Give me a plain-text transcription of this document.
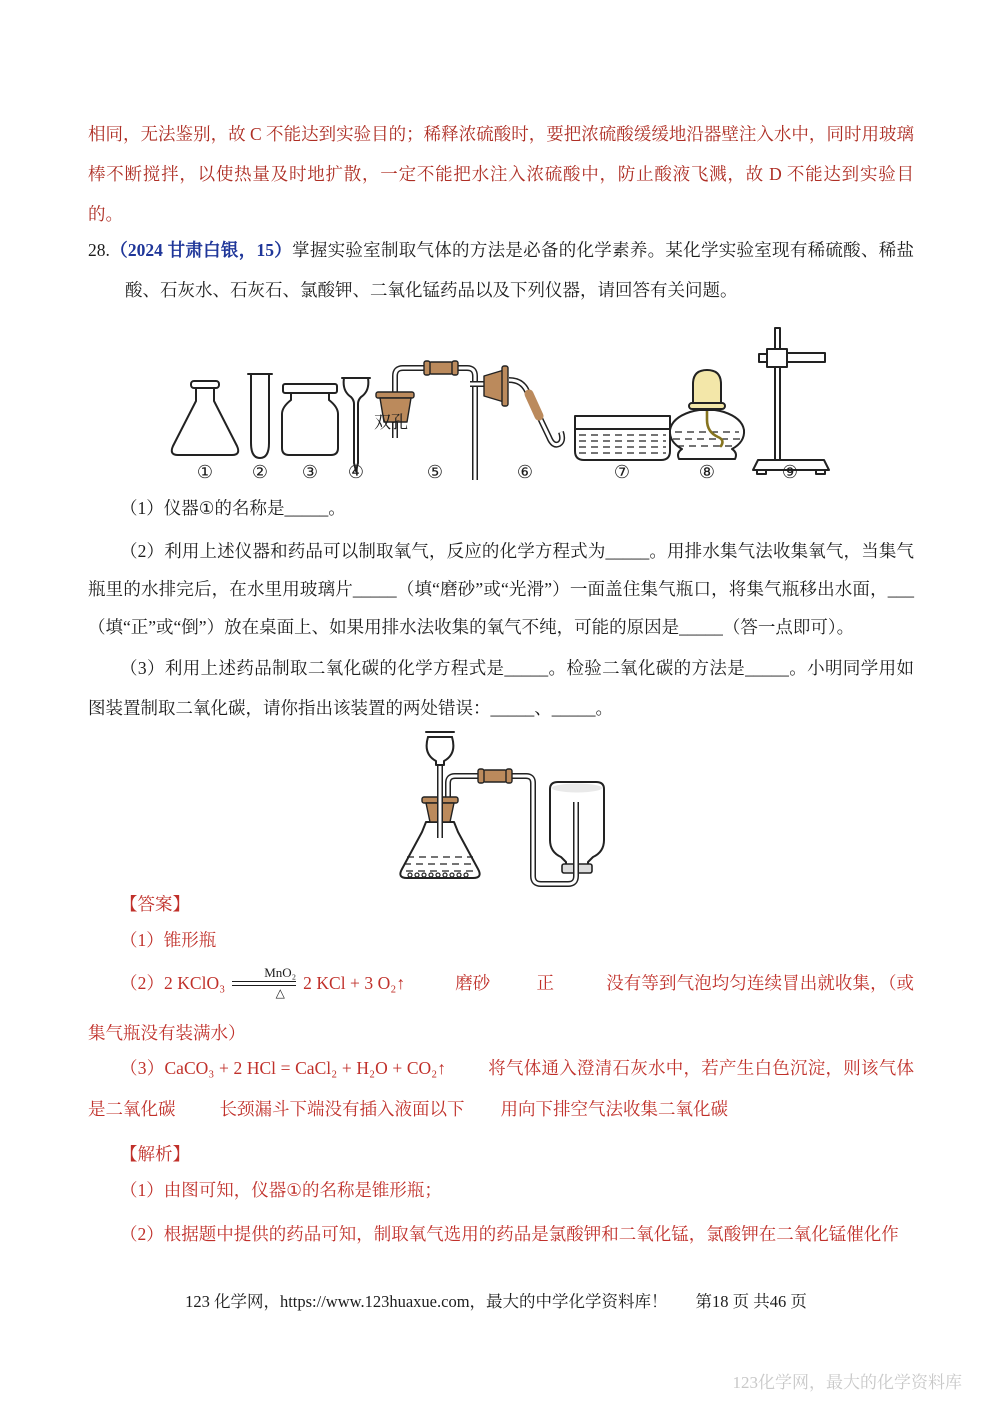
相同，无法鉴别，故 C 不能达到实验目的；稀释浓硫酸时，要把浓硫酸缓缓地沿器壁注入水中，同时用玻璃棒不断搅拌，以使热量及时地扩散，一定不能把水注入浓硫酸中，防止酸液飞溅，故 D 不能达到实验目的。

28.（2024 甘肃白银，15）掌握实验室制取气体的方法是必备的化学素养。某化学实验室现有稀硫酸、稀盐酸、石灰水、石灰石、氯酸钾、二氧化锰药品以及下列仪器，请回答有关问题。

① ② ③ ④	⑤	⑥	⑦	⑧	⑨
双孔

（1）仪器①的名称是_____。

（2）利用上述仪器和药品可以制取氧气，反应的化学方程式为_____。用排水集气法收集氧气，当集气瓶里的水排完后，在水里用玻璃片_____（填“磨砂”或“光滑”）一面盖住集气瓶口，将集气瓶移出水面，___（填“正”或“倒”）放在桌面上、如果用排水法收集的氧气不纯，可能的原因是_____（答一点即可）。

（3）利用上述药品制取二氧化碳的化学方程式是_____。检验二氧化碳的方法是_____。小明同学用如图装置制取二氧化碳，请你指出该装置的两处错误：_____、_____。

【答案】

（1）锥形瓶

（2）2 KClO₃
MnO₂
△
2 KCl + 3 O₂↑	磨砂	正	没有等到气泡均匀连续冒出就收集，（或集气瓶没有装满水）

（3）CaCO₃ + 2 HCl = CaCl₂ + H₂O + CO₂↑ 将气体通入澄清石灰水中，若产生白色沉淀，则该气体是二氧化碳	长颈漏斗下端没有插入液面以下 用向下排空气法收集二氧化碳

【解析】

（1）由图可知，仪器①的名称是锥形瓶；

（2）根据题中提供的药品可知，制取氧气选用的药品是氯酸钾和二氧化锰，氯酸钾在二氧化锰催化作

123 化学网，https://www.123huaxue.com，最大的中学化学资料库！ 第18 页 共46 页
123化学网，最大的化学资料库
